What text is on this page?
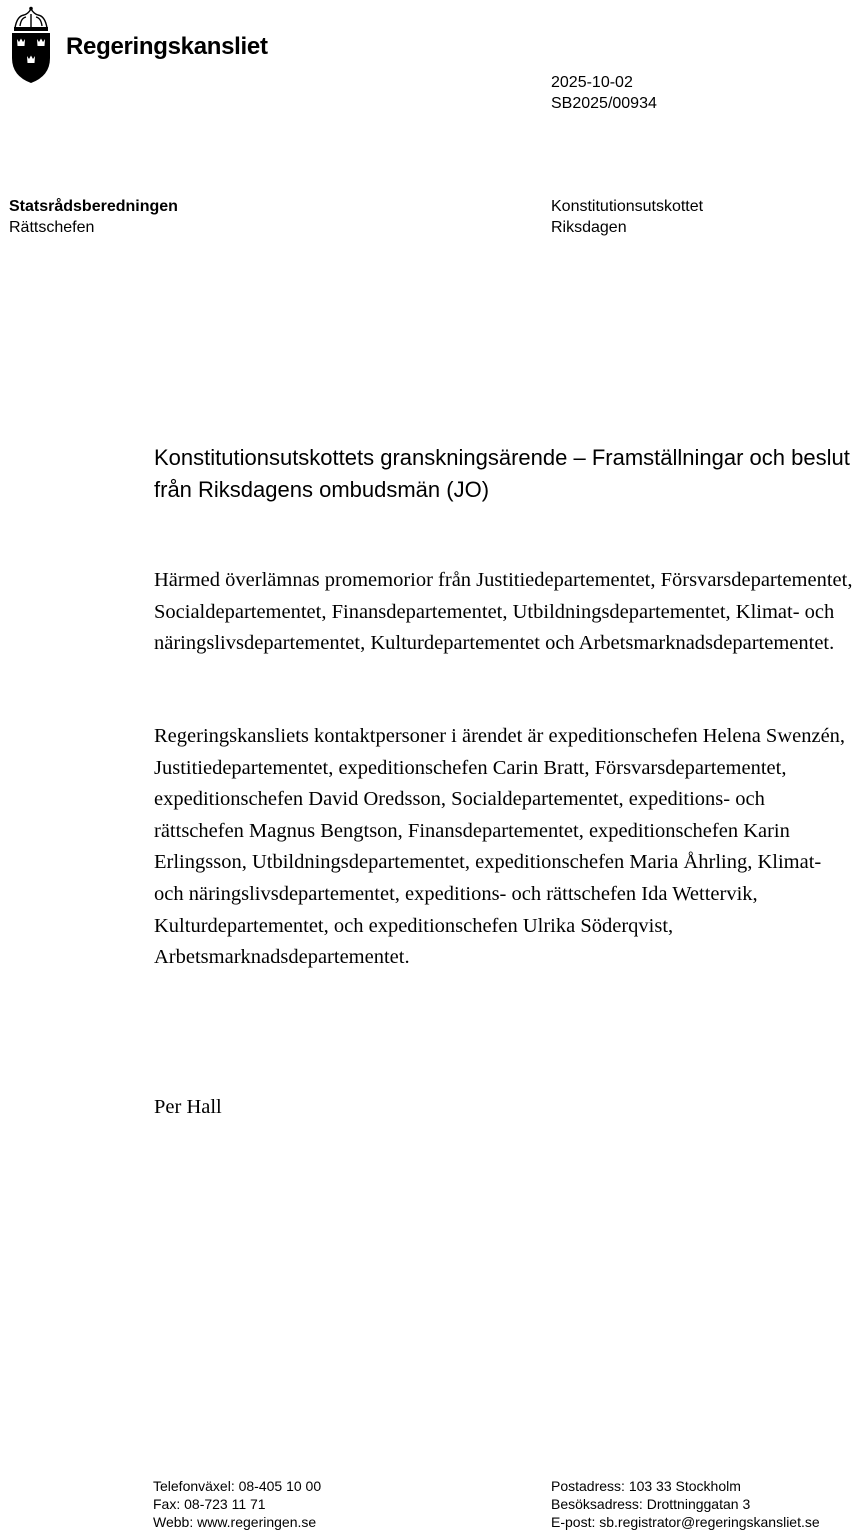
Regeringskansliet
2025-10-02
SB2025/00934
Statsrådsberedningen
Rättschefen
Konstitutionsutskottet
Riksdagen
Konstitutionsutskottets granskningsärende – Framställningar och beslut från Riksdagens ombudsmän (JO)

Härmed överlämnas promemorior från Justitiedepartementet, Försvarsdepartementet, Socialdepartementet, Finansdepartementet, Utbildningsdepartementet, Klimat- och näringslivsdepartementet, Kulturdepartementet och Arbetsmarknadsdepartementet.

Regeringskansliets kontaktpersoner i ärendet är expeditionschefen Helena Swenzén, Justitiedepartementet, expeditionschefen Carin Bratt, Försvarsdepartementet, expeditionschefen David Oredsson, Socialdepartementet, expeditions- och rättschefen Magnus Bengtson, Finansdepartementet, expeditionschefen Karin Erlingsson, Utbildningsdepartementet, expeditionschefen Maria Åhrling, Klimat- och näringslivsdepartementet, expeditions- och rättschefen Ida Wettervik, Kulturdepartementet, och expeditionschefen Ulrika Söderqvist, Arbetsmarknadsdepartementet.

Per Hall
Telefonväxel: 08-405 10 00
Fax: 08-723 11 71
Webb: www.regeringen.se
Postadress: 103 33 Stockholm
Besöksadress: Drottninggatan 3
E-post: sb.registrator@regeringskansliet.se
